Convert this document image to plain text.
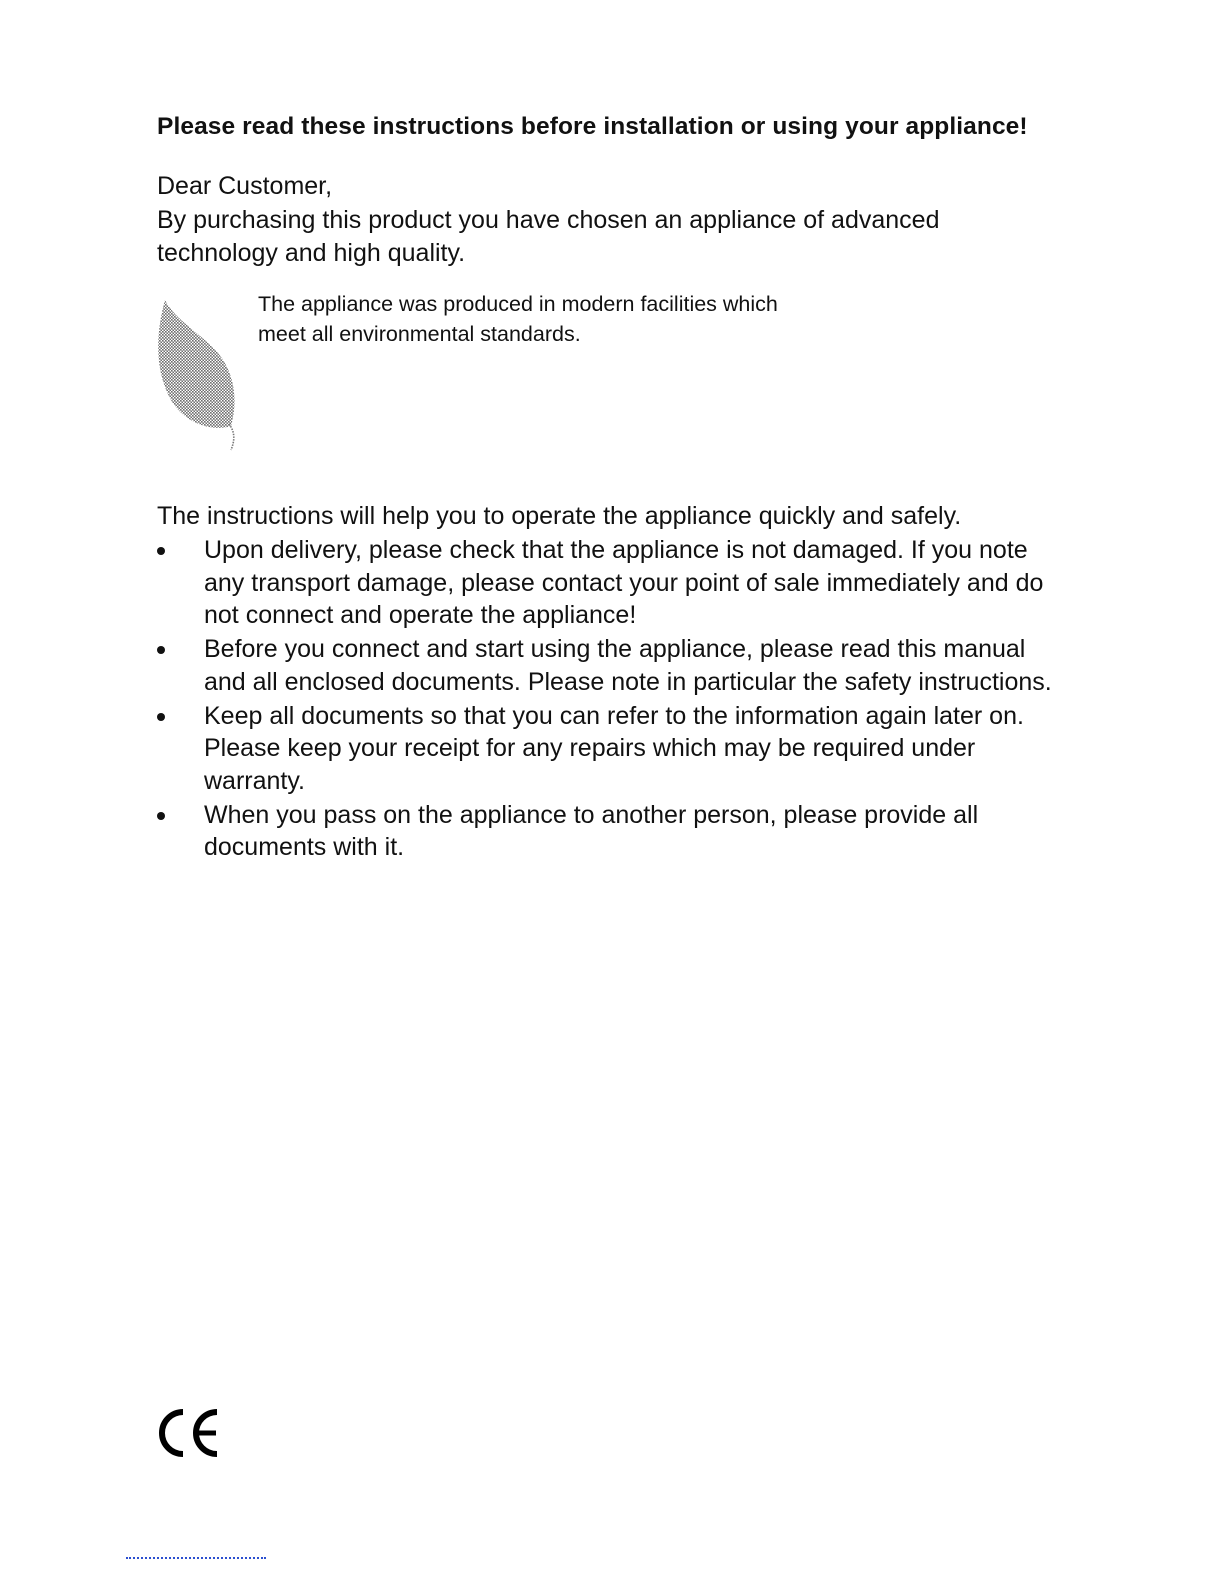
Please read these instructions before installation or using your appliance!

Dear Customer,

By purchasing this product you have chosen an appliance of advanced

technology and high quality.

The appliance was produced in modern facilities which

meet all environmental standards.

The instructions will help you to operate the appliance quickly and safely.
Upon delivery, please check that the appliance is not damaged. If you note
any transport damage, please contact your point of sale immediately and do
not connect and operate the appliance!
Before you connect and start using the appliance, please read this manual
and all enclosed documents. Please note in particular the safety instructions.
Keep all documents so that you can refer to the information again later on.
Please keep your receipt for any repairs which may be required under
warranty.
When you pass on the appliance to another person, please provide all
documents with it.
